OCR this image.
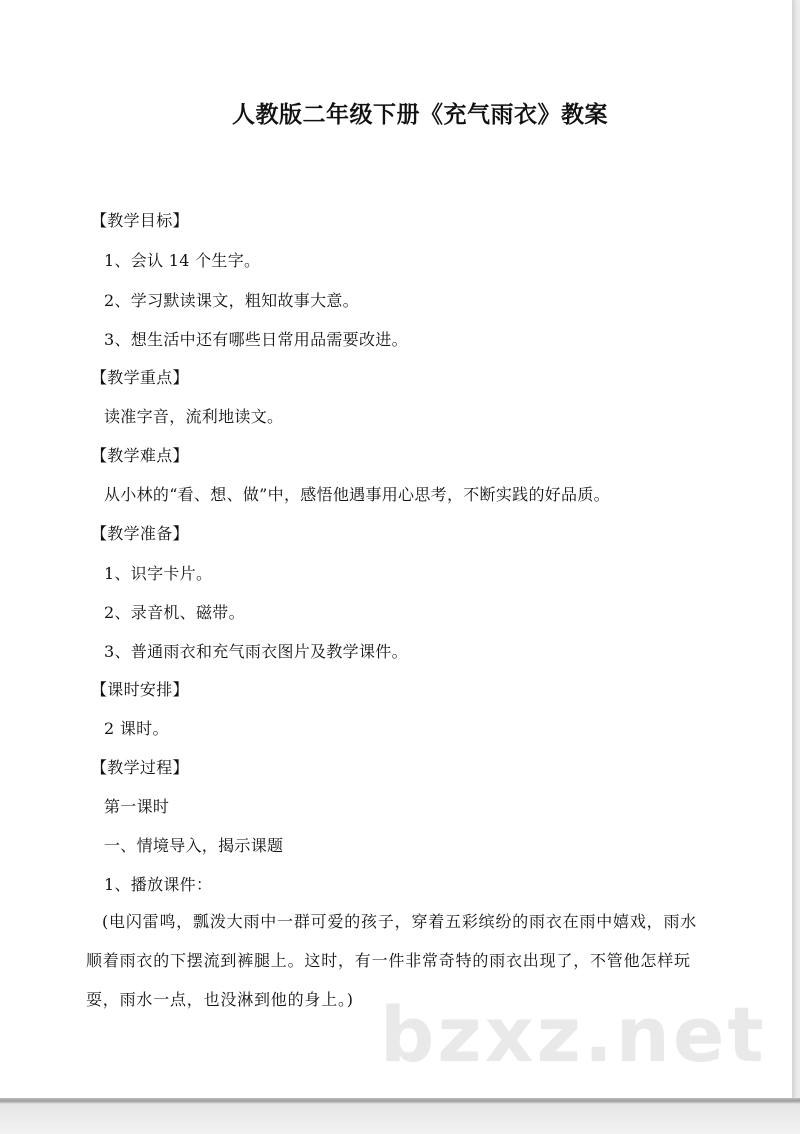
人教版二年级下册《充气雨衣》教案
【教学目标】
1、会认 14 个生字。
2、学习默读课文，粗知故事大意。
3、想生活中还有哪些日常用品需要改进。
【教学重点】
读准字音，流利地读文。
【教学难点】
从小林的“看、想、做”中，感悟他遇事用心思考，不断实践的好品质。
【教学准备】
1、识字卡片。
2、录音机、磁带。
3、普通雨衣和充气雨衣图片及教学课件。
【课时安排】
2 课时。
【教学过程】
第一课时
一、情境导入，揭示课题
1、播放课件：

(电闪雷鸣，瓢泼大雨中一群可爱的孩子，穿着五彩缤纷的雨衣在雨中嬉戏，雨水顺着雨衣的下摆流到裤腿上。这时，有一件非常奇特的雨衣出现了，不管他怎样玩耍，雨水一点，也没淋到他的身上。) bzxz.net
